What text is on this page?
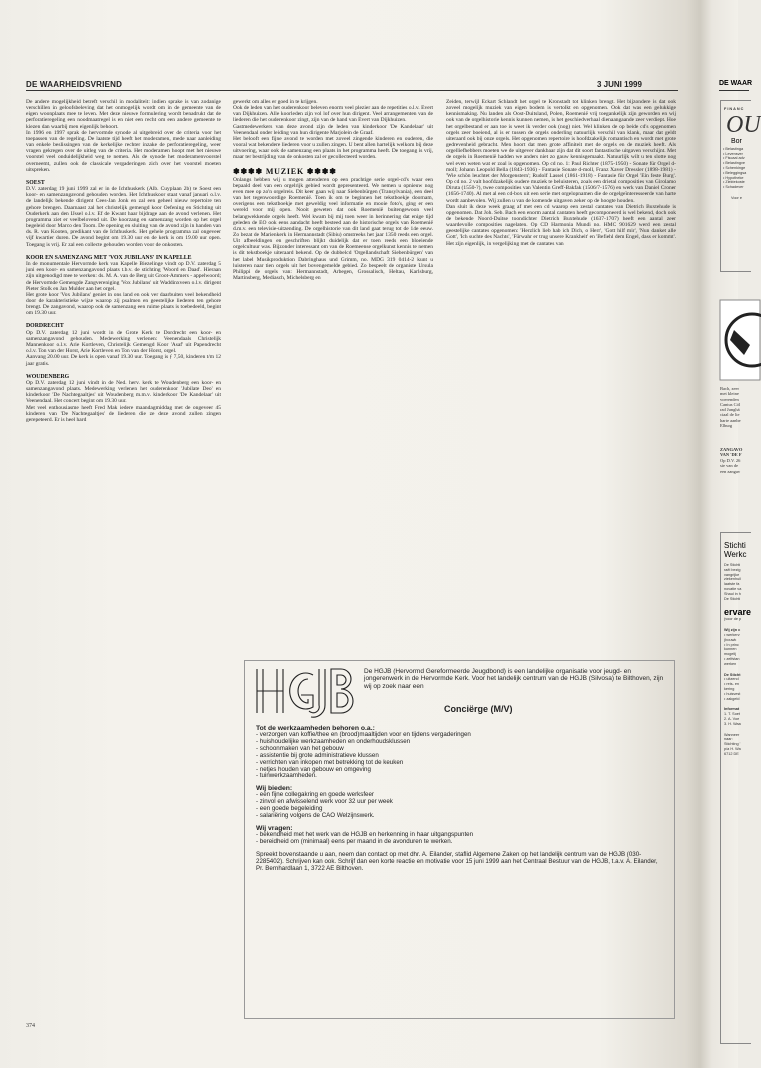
DE WAARHEIDSVRIEND	3 JUNI 1999

De andere mogelijkheid betreft verschil in modaliteit: indien sprake is van zodanige verschillen in geloofsbeleving dat het onmogelijk wordt om in de gemeente van de eigen woonplaats mee te leven. Met deze nieuwe formulering wordt benadrukt dat de perforatieregeling een noodmaatregel is en niet een recht om een andere gemeente te kiezen dan waarbij men eigenlijk behoort.

In 1996 en 1997 sprak de hervormde synode al uitgebreid over de criteria voor het toepassen van de regeling. De laatste tijd heeft het moderamen, mede naar aanleiding van enkele beslissingen van de kerkelijke rechter inzake de perforatieregeling, weer vragen gekregen over de uitleg van de criteria. Het moderamen hoopt met het nieuwe voorstel veel onduidelijkheid weg te nemen. Als de synode het moderamenvoorstel overneemt, zullen ook de classicale vergaderingen zich over het voorstel moeten uitspreken.

SOEST

D.V. zaterdag 19 juni 1999 zal er in de Ichthuskerk (Alb. Cuyplaan 2b) te Soest een koor- en samenzangavond gehouden worden. Het Ichthuskoor staat vanaf januari o.l.v. de landelijk bekende dirigent Cees-Jan Jonk en zal een geheel nieuw repertoire ten gehore brengen. Daarnaast zal het christelijk gemengd koor Oefening en Stichting uit Ouderkerk aan den IJssel o.l.v. Ef de Kwant haar bijdrage aan de avond verlenen. Het programma ziet er veelbelovend uit. De koorzang en samenzang worden op het orgel begeleid door Marco den Toom. De opening en sluiting van de avond zijn in handen van ds. R. van Kooten, predikant van de Ichthuskerk. Het gehele programma zal ongeveer vijf kwartier duren. De avond begint om 19.30 uur en de kerk is om 19.00 uur open. Toegang is vrij. Er zal een collecte gehouden worden voor de onkosten.

KOOR EN SAMENZANG MET 'VOX JUBILANS' IN KAPELLE

In de monumentale Hervormde kerk van Kapelle Biezelinge vindt op D.V. zaterdag 5 juni een koor- en samenzangavond plaats t.b.v. de stichting 'Woord en Daad'. Hieraan zijn uitgenodigd mee te werken: ds. M. A. van de Berg uit Groot-Ammers - appelwoord; de Hervormde Gemengde Zangvereniging 'Vox Jubilans' uit Waddinxveen o.l.v. dirigent Pieter Stolk en Jan Mulder aan het orgel.

Het grote koor 'Vox Jubilans' geniet in ons land en ook ver daarbuiten veel bekendheid door de karakteristieke wijze waarop zij psalmen en geestelijke liederen ten gehore brengt. De zangavond, waarop ook de samenzang een ruime plaats is toebedeeld, begint om 19.30 uur.

DORDRECHT

Op D.V. zaterdag 12 juni wordt in de Grote Kerk te Dordrecht een koor- en samenzangavond gehouden. Medewerking verlenen: Veenendaals Christelijk Mannenkoor o.l.v. Arie Kortleven, Christelijk Gemengd Koor 'Asaf' uit Papendrecht o.l.v. Ton van der Horst, Arie Kortleven en Ton van der Horst, orgel.

Aanvang 20.00 uur. De kerk is open vanaf 19.30 uur. Toegang is ƒ 7,50, kinderen t/m 12 jaar gratis.

WOUDENBERG

Op D.V. zaterdag 12 juni vindt in de Ned. herv. kerk te Woudenberg een koor- en samenzangavond plaats. Medewerking verlenen het ouderenkoor 'Jubilate Deo' en kinderkoor 'De Nachtegaaltjes' uit Woudenberg m.m.v. kinderkoor 'De Kandelaar' uit Veenendaal. Het concert begint om 19.30 uur.

Met veel enthousiasme heeft Fred Mak iedere maandagmiddag met de ongeveer 45 kinderen van 'De Nachtegaaltjes' de liederen die ze deze avond zullen zingen gerepeteerd. Er is heel hard

gewerkt om alles er goed in te krijgen.

Ook de leden van het ouderenkoor beleven enorm veel plezier aan de repetities o.l.v. Evert van Dijkhuizen. Alle koorleden zijn vol lof over hun dirigent. Veel arrangementen van de liederen die het ouderenkoor zingt, zijn van de hand van Evert van Dijkhuizen.

Gastmedewerkers van deze avond zijn de leden van kinderkoor 'De Kandelaar' uit Veenendaal onder leiding van hun dirigente Marjolein de Graaf.

Het belooft een fijne avond te worden met zoveel zingende kinderen en ouderen, die vooral wat bekendere liederen voor u zullen zingen. U bent allen hartelijk welkom bij deze uitvoering, waar ook de samenzang een plaats in het programma heeft. De toegang is vrij, maar ter bestrijding van de onkosten zal er gecollecteerd worden.

✽✽✽✽ MUZIEK ✽✽✽✽

Onlangs hebben wij u mogen attenderen op een prachtige serie orgel-cd's waar een bepaald deel van een orgelrijk gebied wordt gepresenteerd. We nemen u opnieuw nog even mee op zo'n orgelreis. Dit keer gaan wij naar Siebenbürgen (Transylvania), een deel van het tegenwoordige Roemenië. Toen ik om te beginnen het tekstboekje doornam, overigens een tekstboekje met geweldig veel informatie en mooie foto's, ging er een wereld voor mij open. Nooit geweten dat ook Roemenië buitengewoon veel belangwekkende orgels heeft. Wel kwam bij mij toen weer in herinnering dat enige tijd geleden de EO ook eens aandacht heeft besteed aan de historische orgels van Roemenië d.m.v. een televisie-uitzending. De orgelhistorie van dit land gaat terug tot de 14e eeuw. Zo bezat de Marienkerk in Hermannstadt (Sibiu) omstreeks het jaar 1350 reeds een orgel. Uit afbeeldingen en geschriften blijkt duidelijk dat er toen reeds een bloeiende orgelcultuur was. Bijzonder interessant om van de Roemeense orgelkunst kennis te nemen is dit tekstboekje uiteraard bekend. Op de dubbelcd 'Orgellandschaft Siebenbürgen' van het label Musikproduktion Dabringhaus und Grimm, no. MDG 319 0414-2 kunt u luisteren naar tien orgels uit het bovengemelde gebied. Zo bespeelt de organiste Ursula Philippi de orgels van: Hermannstadt, Arbegen, Grossalisch, Heltau, Karlsburg, Martinsberg, Mediasch, Michelsberg en

Zeiden, terwijl Eckart Schlandt het orgel te Kronstadt tot klinken brengt. Het bijzondere is dat ook zoveel mogelijk muziek van eigen bodem is vertolkt en opgenomen. Ook dat was een gelukkige kennismaking. Nu landen als Oost-Duitsland, Polen, Roemenië vrij toegankelijk zijn geworden en wij ook van de orgelhistorie kennis kunnen nemen, is het geschiedverhaal dienaangaande zeer verdiept. Hoe het orgelbestand er aan toe is weet ik verder ook (nog) niet. Wel klinken de op beide cd's opgenomen orgels zeer boeiend, al is er tussen de orgels onderling natuurlijk verschil van klank, maar dat geldt uiteraard ook bij onze orgels. Het opgenomen repertoire is hoofdzakelijk romantisch en wordt met grote gedrevenheid gebracht. Men hoort dat men grote affiniteit met de orgels en de muziek heeft. Als orgelliefhebbers moeten we de uitgever dankbaar zijn dat dit soort fantastische uitgaven verschijnt. Met de orgels in Roemenië hadden we anders niet zo gauw kennisgemaakt. Natuurlijk wilt u ten slotte nog wel even weten wat er zoal is opgenomen. Op cd no. 1: Paul Richter (1875-1950) - Sonate für Orgel d-moll; Johann Leopold Bella (1843-1936) - Fantasie Sonate d-moll, Franz Xaver Dressler (1898-1981) - 'Wie schön leuchtet der Morgenstern'; Rudolf Lassel (1861-1918) - Fantasie für Orgel 'Ein feste Burg'. Op cd no. 2 valt hoofdzakelijk oudere muziek te beluisteren, zoals een drietal composities van Girolamo Diruta (1550-?), twee composities van Valentin Greff-Bakfak (1506/7-1576) en werk van Daniel Croner (1656-1740). Al met al een cd-box uit een serie met orgelopnamen die de orgelgeïnteresseerde van harte wordt aanbevolen. Wij zullen u van de komende uitgaven zeker op de hoogte houden.

Dan sluit ik deze week graag af met een cd waarop een zestal cantates van Dietrich Buxtehude is opgenomen. Dat Joh. Seb. Bach een enorm aantal cantaten heeft gecomponeerd is wel bekend, doch ook de bekende Noord-Duitse toondichter Dietrich Buxtehude (1637-1707) heeft een aantal zeer waardevolle composities nagelaten. Op CD Harmonia Mundi no. HMC 901629 werd een zestal geestelijke cantates opgenomen: 'Herzlich lieb hab ich Dich, o Herr', 'Gott hilf mir', 'Nun danket alle Gott', 'Ich suchte des Nachts', 'Fürwahr er trug unsere Krankheit' en 'Befiehl dem Engel, dass er kommt'. Het zijn eigenlijk, in vergelijking met de cantates van

De HGJB (Hervormd Gereformeerde Jeugdbond) is een landelijke organisatie voor jeugd- en jongerenwerk in de Hervormde Kerk. Voor het landelijk centrum van de HGJB (Silvosa) te Bilthoven, zijn wij op zoek naar een
Conciërge (M/V)
Tot de werkzaamheden behoren o.a.:
- verzorgen van koffie/thee en (brood)maaltijden voor en tijdens vergaderingen
- huishoudelijke werkzaamheden en onderhoudsklussen
- schoonmaken van het gebouw
- assistentie bij grote administratieve klussen
- verrichten van inkopen met betrekking tot de keuken
- netjes houden van gebouw en omgeving
- tuinwerkzaamheden.
Wij bieden:
- een fijne collegakring en goede werksfeer
- zinvol en afwisselend werk voor 32 uur per week
- een goede begeleiding
- salariëring volgens de CAO Welzijnswerk.
Wij vragen:
- bekendheid met het werk van de HGJB en herkenning in haar uitgangspunten
- bereidheid om (minimaal) eens per maand in de avonduren te werken.
Spreekt bovenstaande u aan, neem dan contact op met dhr. A. Eilander, staflid Algemene Zaken op het landelijk centrum van de HGJB (030-2285402). Schrijven kan ook. Schrijf dan een korte reactie en motivatie voor 15 juni 1999 aan het Centraal Bestuur van de HGJB, t.a.v. A. Eilander, Pr. Bernhardlaan 1, 3722 AE Bilthoven.
374
DE WAAR
FINANC
OU
Bor
• Belastinga
• Levensver
• Fiscaal adv
• Belastingve
• Schenkinge
• Beleggingsa
• Hypotheke
• Ziektekoste
• Schadever
Voor e
Bach, zeer
met kleine
voerenden
Cantus Cöl
rad Junghä
ciaal de lie
harte aanbe
Elburg
ZANGAVO
VAN 'DE F
Op D.V. 26
sie van de
een zangav
Stichti
Werkc
De Stichti
raël bezig
vangrijke
ziekenhuil
laatste fa
novatie va
Shaul in h
De Stichti
ervare
(voor de p
Wij zijn c
• werkerv
(bouwk
• In princ
kunnen
mogelij
• zelfstan
werken
De Sticht
• uitzend
• reis- en
kering
• huisvest
• zakgeld
Informat
1. T. Soet
2. A. Voe
3. H. Waa
Wanneer
naar:
Stichting '
p/a H. Wa
6712 DE
